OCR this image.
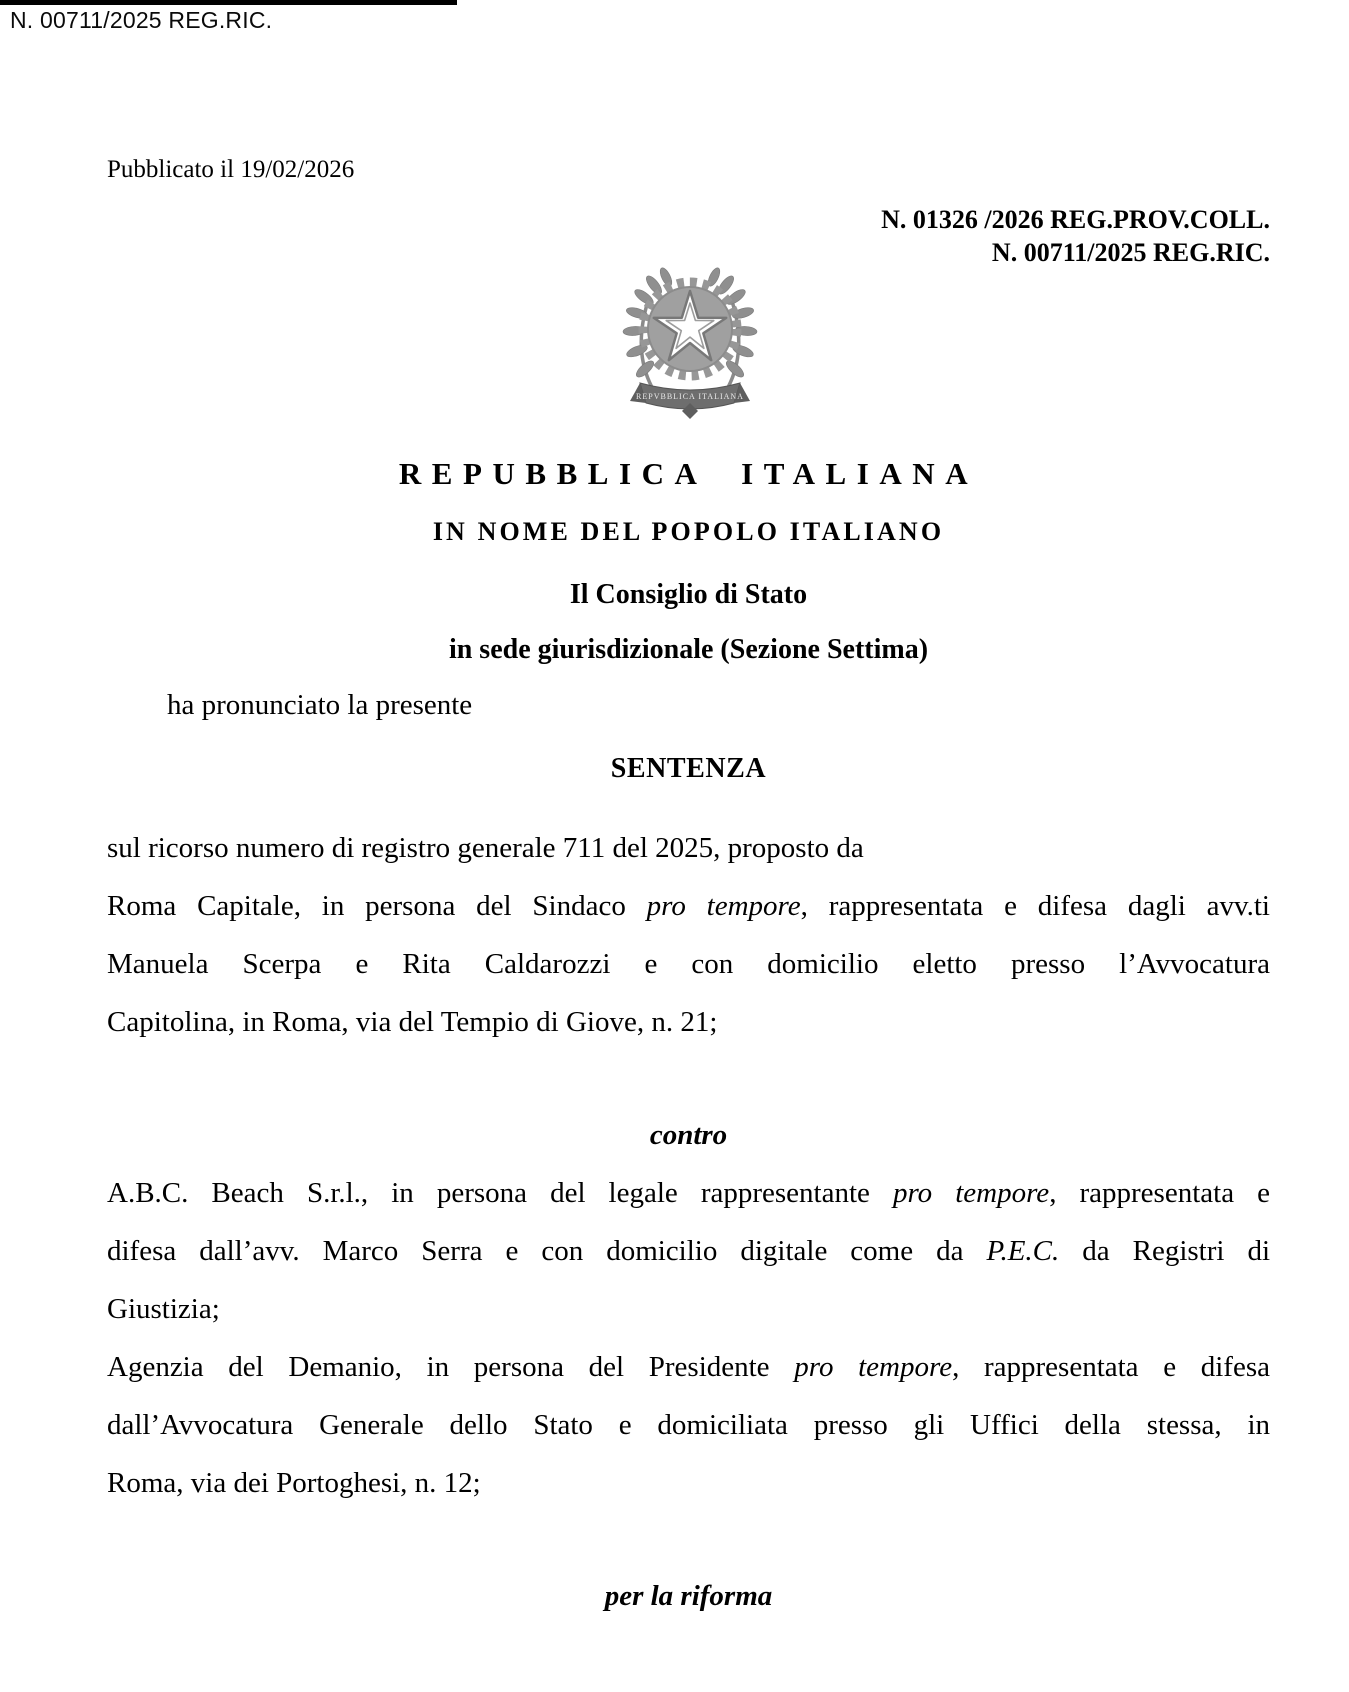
N. 00711/2025 REG.RIC.
Pubblicato il 19/02/2026
N. 01326 /2026 REG.PROV.COLL.
N. 00711/2025 REG.RIC.
REPVBBLICA ITALIANA
REPUBBLICA ITALIANA
IN NOME DEL POPOLO ITALIANO
Il Consiglio di Stato
in sede giurisdizionale (Sezione Settima)
ha pronunciato la presente
SENTENZA
sul ricorso numero di registro generale 711 del 2025, proposto da
Roma Capitale, in persona del Sindaco pro tempore, rappresentata e difesa dagli avv.ti
Manuela Scerpa e Rita Caldarozzi e con domicilio eletto presso l’Avvocatura
Capitolina, in Roma, via del Tempio di Giove, n. 21;
contro
A.B.C. Beach S.r.l., in persona del legale rappresentante pro tempore, rappresentata e
difesa dall’avv. Marco Serra e con domicilio digitale come da P.E.C. da Registri di
Giustizia;
Agenzia del Demanio, in persona del Presidente pro tempore, rappresentata e difesa
dall’Avvocatura Generale dello Stato e domiciliata presso gli Uffici della stessa, in
Roma, via dei Portoghesi, n. 12;
per la riforma
